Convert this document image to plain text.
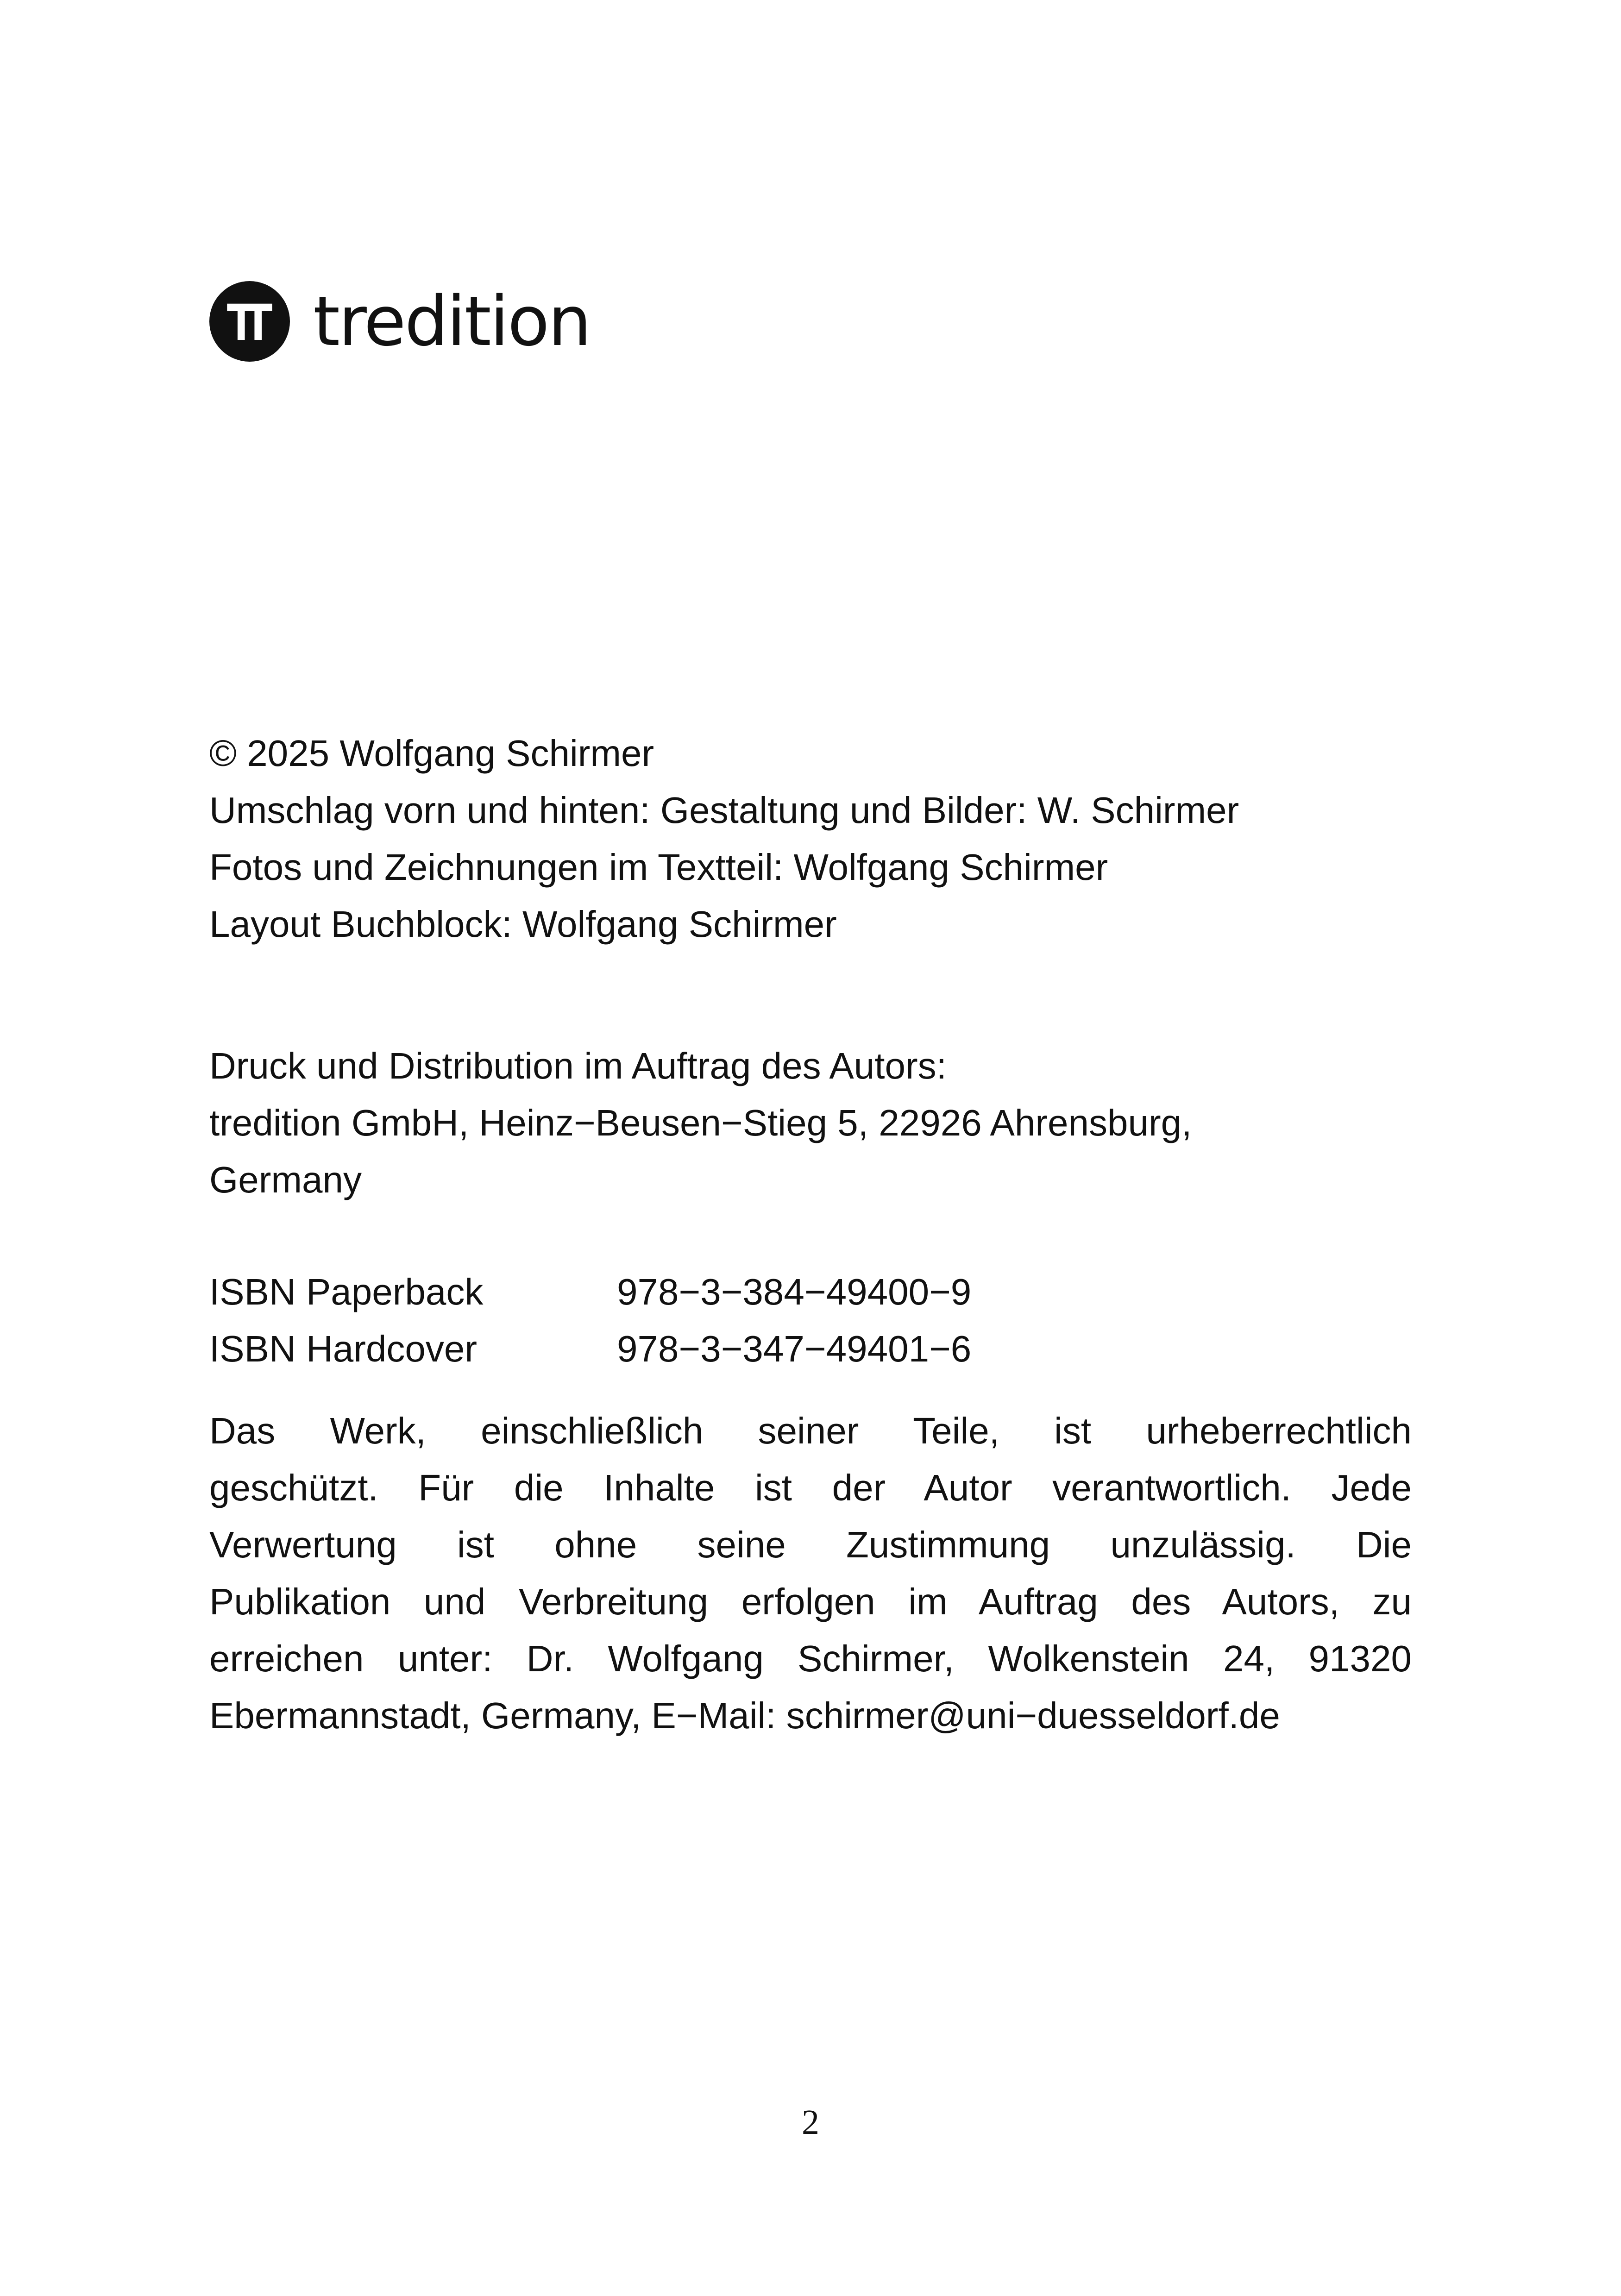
tredition
© 2025 Wolfgang Schirmer
Umschlag vorn und hinten: Gestaltung und Bilder: W. Schirmer
Fotos und Zeichnungen im Textteil: Wolfgang Schirmer
Layout Buchblock: Wolfgang Schirmer
Druck und Distribution im Auftrag des Autors:
tredition GmbH, Heinz−Beusen−Stieg 5, 22926 Ahrensburg,
Germany
ISBN Paperback	978−3−384−49400−9
ISBN Hardcover	978−3−347−49401−6
Das Werk, einschließlich seiner Teile, ist urheberrechtlich
geschützt. Für die Inhalte ist der Autor verantwortlich. Jede
Verwertung ist ohne seine Zustimmung unzulässig. Die
Publikation und Verbreitung erfolgen im Auftrag des Autors, zu
erreichen unter: Dr. Wolfgang Schirmer, Wolkenstein 24, 91320
Ebermannstadt, Germany, E−Mail: schirmer@uni−duesseldorf.de
2
